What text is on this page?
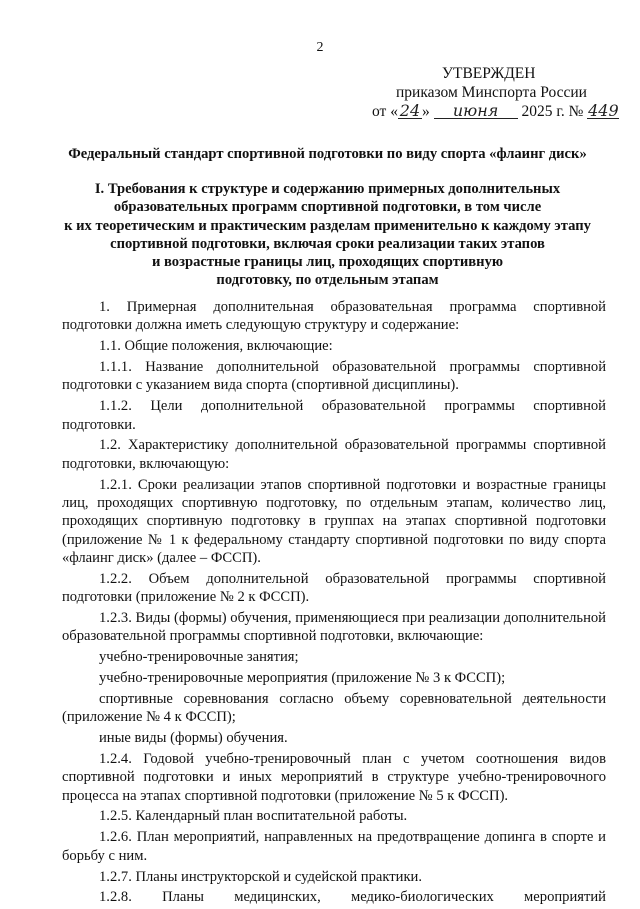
2
УТВЕРЖДЕН
приказом Минспорта России
от « 24 » июня 2025 г. № 449
Федеральный стандарт спортивной подготовки по виду спорта «флаинг диск»
I. Требования к структуре и содержанию примерных дополнительных
образовательных программ спортивной подготовки, в том числе
к их теоретическим и практическим разделам применительно к каждому этапу
спортивной подготовки, включая сроки реализации таких этапов
и возрастные границы лиц, проходящих спортивную
подготовку, по отдельным этапам

1. Примерная дополнительная образовательная программа спортивной подготовки должна иметь следующую структуру и содержание:

1.1. Общие положения, включающие:

1.1.1. Название дополнительной образовательной программы спортивной подготовки с указанием вида спорта (спортивной дисциплины).

1.1.2. Цели дополнительной образовательной программы спортивной подготовки.

1.2. Характеристику дополнительной образовательной программы спортивной подготовки, включающую:

1.2.1. Сроки реализации этапов спортивной подготовки и возрастные границы лиц, проходящих спортивную подготовку, по отдельным этапам, количество лиц, проходящих спортивную подготовку в группах на этапах спортивной подготовки (приложение № 1 к федеральному стандарту спортивной подготовки по виду спорта «флаинг диск» (далее – ФССП).

1.2.2. Объем дополнительной образовательной программы спортивной подготовки (приложение № 2 к ФССП).

1.2.3. Виды (формы) обучения, применяющиеся при реализации дополнительной образовательной программы спортивной подготовки, включающие:

учебно-тренировочные занятия;

учебно-тренировочные мероприятия (приложение № 3 к ФССП);

спортивные соревнования согласно объему соревновательной деятельности (приложение № 4 к ФССП);

иные виды (формы) обучения.

1.2.4. Годовой учебно-тренировочный план с учетом соотношения видов спортивной подготовки и иных мероприятий в структуре учебно-тренировочного процесса на этапах спортивной подготовки (приложение № 5 к ФССП).

1.2.5. Календарный план воспитательной работы.

1.2.6. План мероприятий, направленных на предотвращение допинга в спорте и борьбу с ним.

1.2.7. Планы инструкторской и судейской практики.

1.2.8. Планы медицинских, медико-биологических мероприятий
